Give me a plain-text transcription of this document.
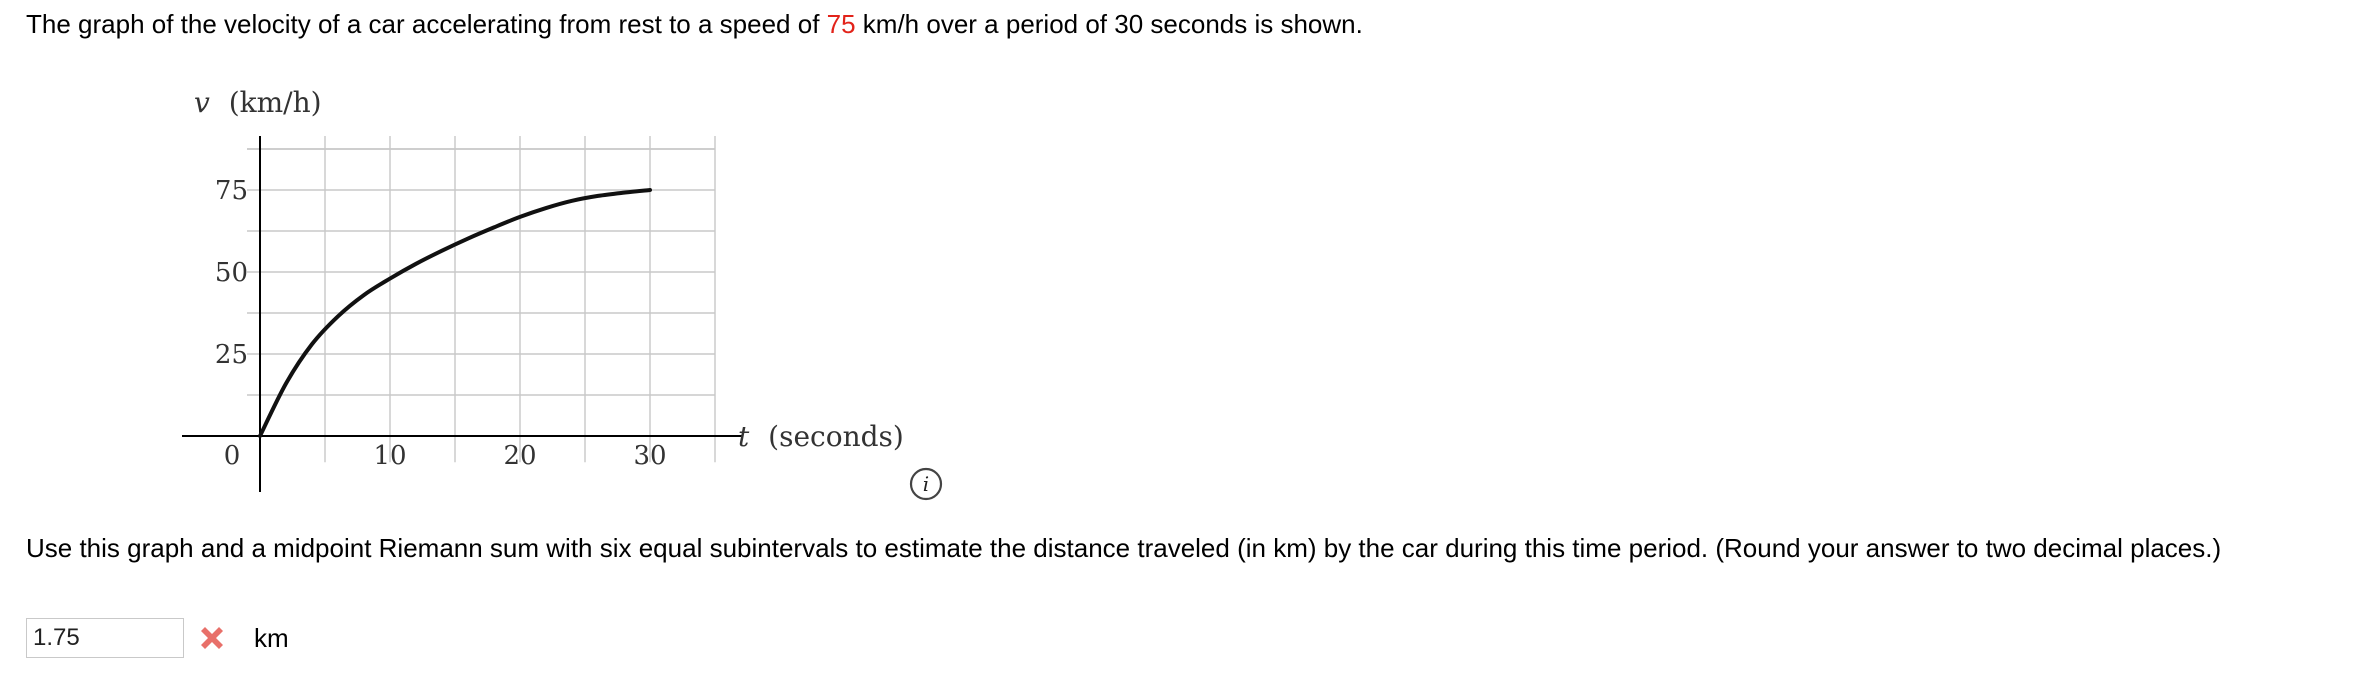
The graph of the velocity of a car accelerating from rest to a speed of 75 km/h over a period of 30 seconds is shown.
0	10	20	30
25
50
75
v (km/h)
t (seconds)
i
Use this graph and a midpoint Riemann sum with six equal subintervals to estimate the distance traveled (in km) by the car during this time period. (Round your answer to two decimal places.)
1.75
km
